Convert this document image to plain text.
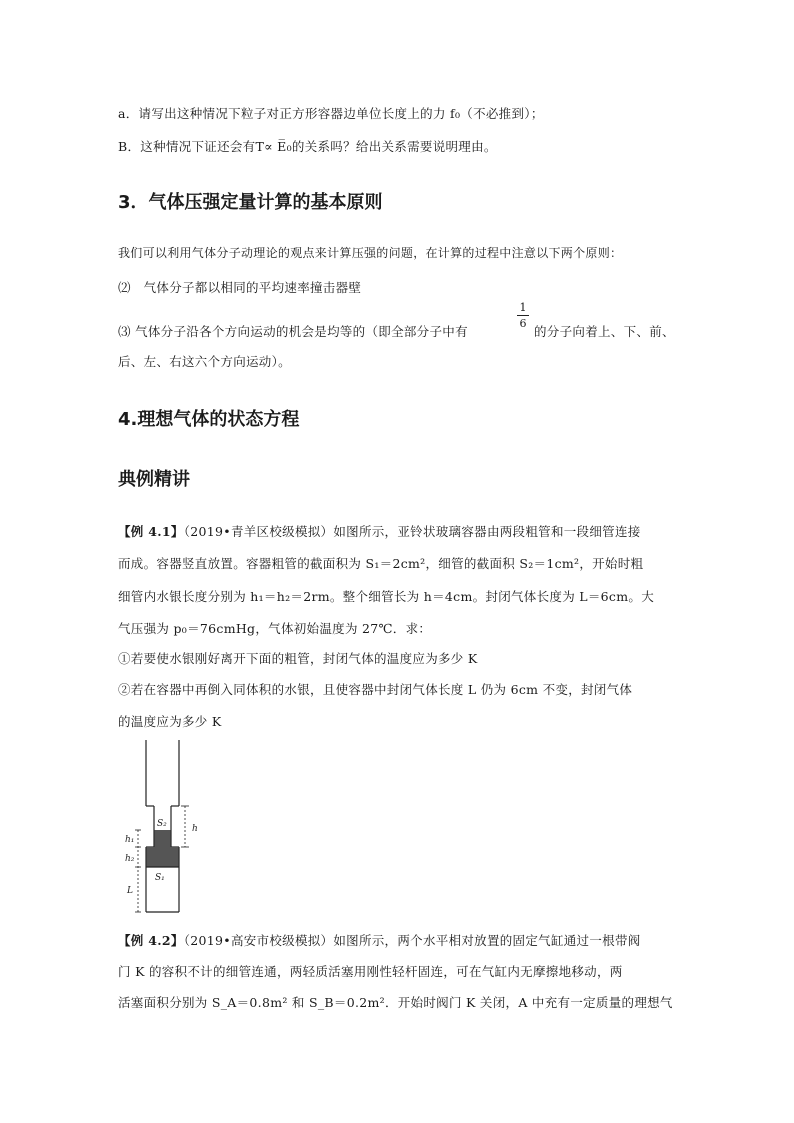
a．请写出这种情况下粒子对正方形容器边单位长度上的力 f₀（不必推到）；
B．这种情况下证还会有T∝ E̅₀的关系吗？给出关系需要说明理由。
3．气体压强定量计算的基本原则
我们可以利用气体分子动理论的观点来计算压强的问题，在计算的过程中注意以下两个原则：
⑵　气体分子都以相同的平均速率撞击器壁
⑶ 气体分子沿各个方向运动的机会是均等的（即全部分子中有
1
6
的分子向着上、下、前、
后、左、右这六个方向运动）。
4.理想气体的状态方程
典例精讲
【例 4.1】（2019•青羊区校级模拟）如图所示，亚铃状玻璃容器由两段粗管和一段细管连接
而成。容器竖直放置。容器粗管的截面积为 S₁＝2cm²，细管的截面积 S₂＝1cm²，开始时粗
细管内水银长度分别为 h₁＝h₂＝2rm。整个细管长为 h＝4cm。封闭气体长度为 L＝6cm。大
气压强为 p₀＝76cmHg，气体初始温度为 27℃．求：
①若要使水银刚好离开下面的粗管，封闭气体的温度应为多少 K
②若在容器中再倒入同体积的水银，且使容器中封闭气体长度 L 仍为 6cm 不变，封闭气体
的温度应为多少 K
S₂
S₁
h
h₁
h₂
L
【例 4.2】（2019•高安市校级模拟）如图所示，两个水平相对放置的固定气缸通过一根带阀
门 K 的容积不计的细管连通，两轻质活塞用刚性轻杆固连，可在气缸内无摩擦地移动，两
活塞面积分别为 S_A＝0.8m² 和 S_B＝0.2m²．开始时阀门 K 关闭，A 中充有一定质量的理想气
